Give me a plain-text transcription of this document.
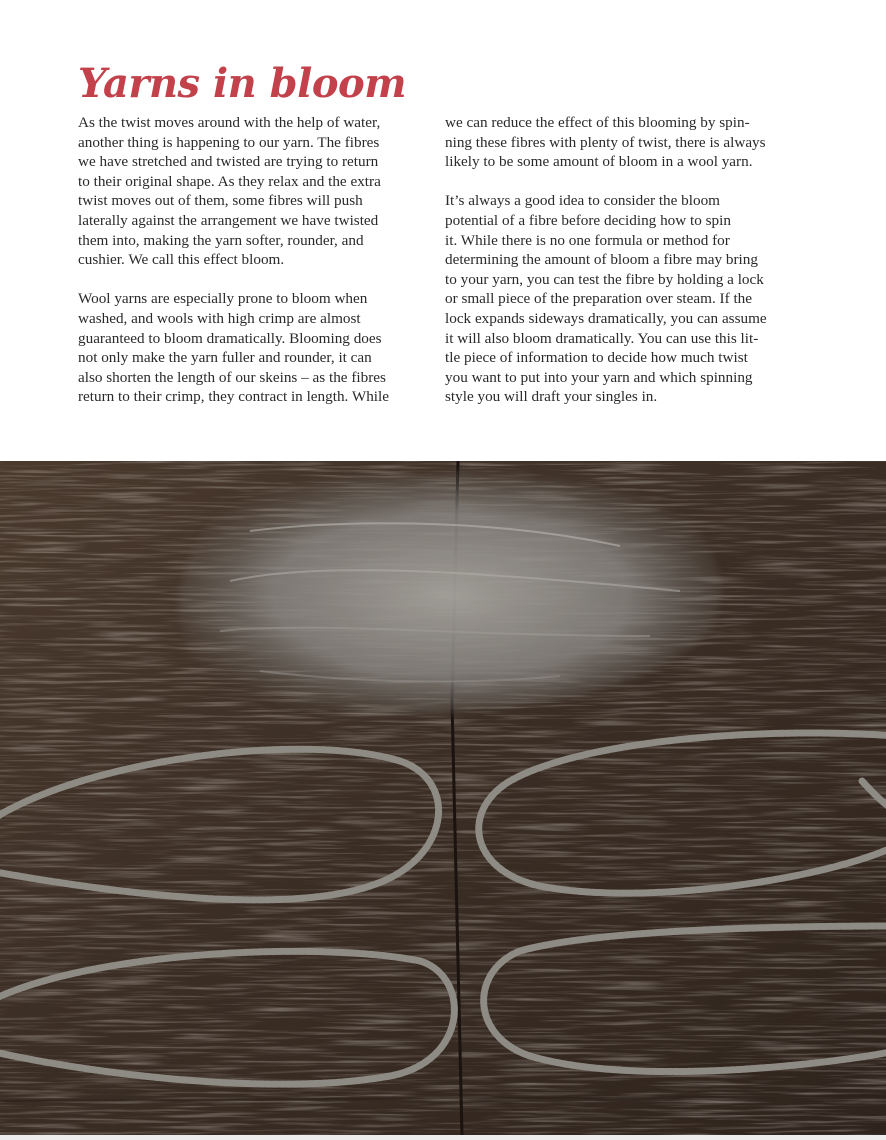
Yarns in bloom
As the twist moves around with the help of water,
another thing is happening to our yarn. The fibres
we have stretched and twisted are trying to return
to their original shape. As they relax and the extra
twist moves out of them, some fibres will push
laterally against the arrangement we have twisted
them into, making the yarn softer, rounder, and
cushier. We call this effect bloom.
Wool yarns are especially prone to bloom when
washed, and wools with high crimp are almost
guaranteed to bloom dramatically. Blooming does
not only make the yarn fuller and rounder, it can
also shorten the length of our skeins – as the fibres
return to their crimp, they contract in length. While
we can reduce the effect of this blooming by spin-
ning these fibres with plenty of twist, there is always
likely to be some amount of bloom in a wool yarn.
It’s always a good idea to consider the bloom
potential of a fibre before deciding how to spin
it. While there is no one formula or method for
determining the amount of bloom a fibre may bring
to your yarn, you can test the fibre by holding a lock
or small piece of the preparation over steam. If the
lock expands sideways dramatically, you can assume
it will also bloom dramatically. You can use this lit-
tle piece of information to decide how much twist
you want to put into your yarn and which spinning
style you will draft your singles in.
